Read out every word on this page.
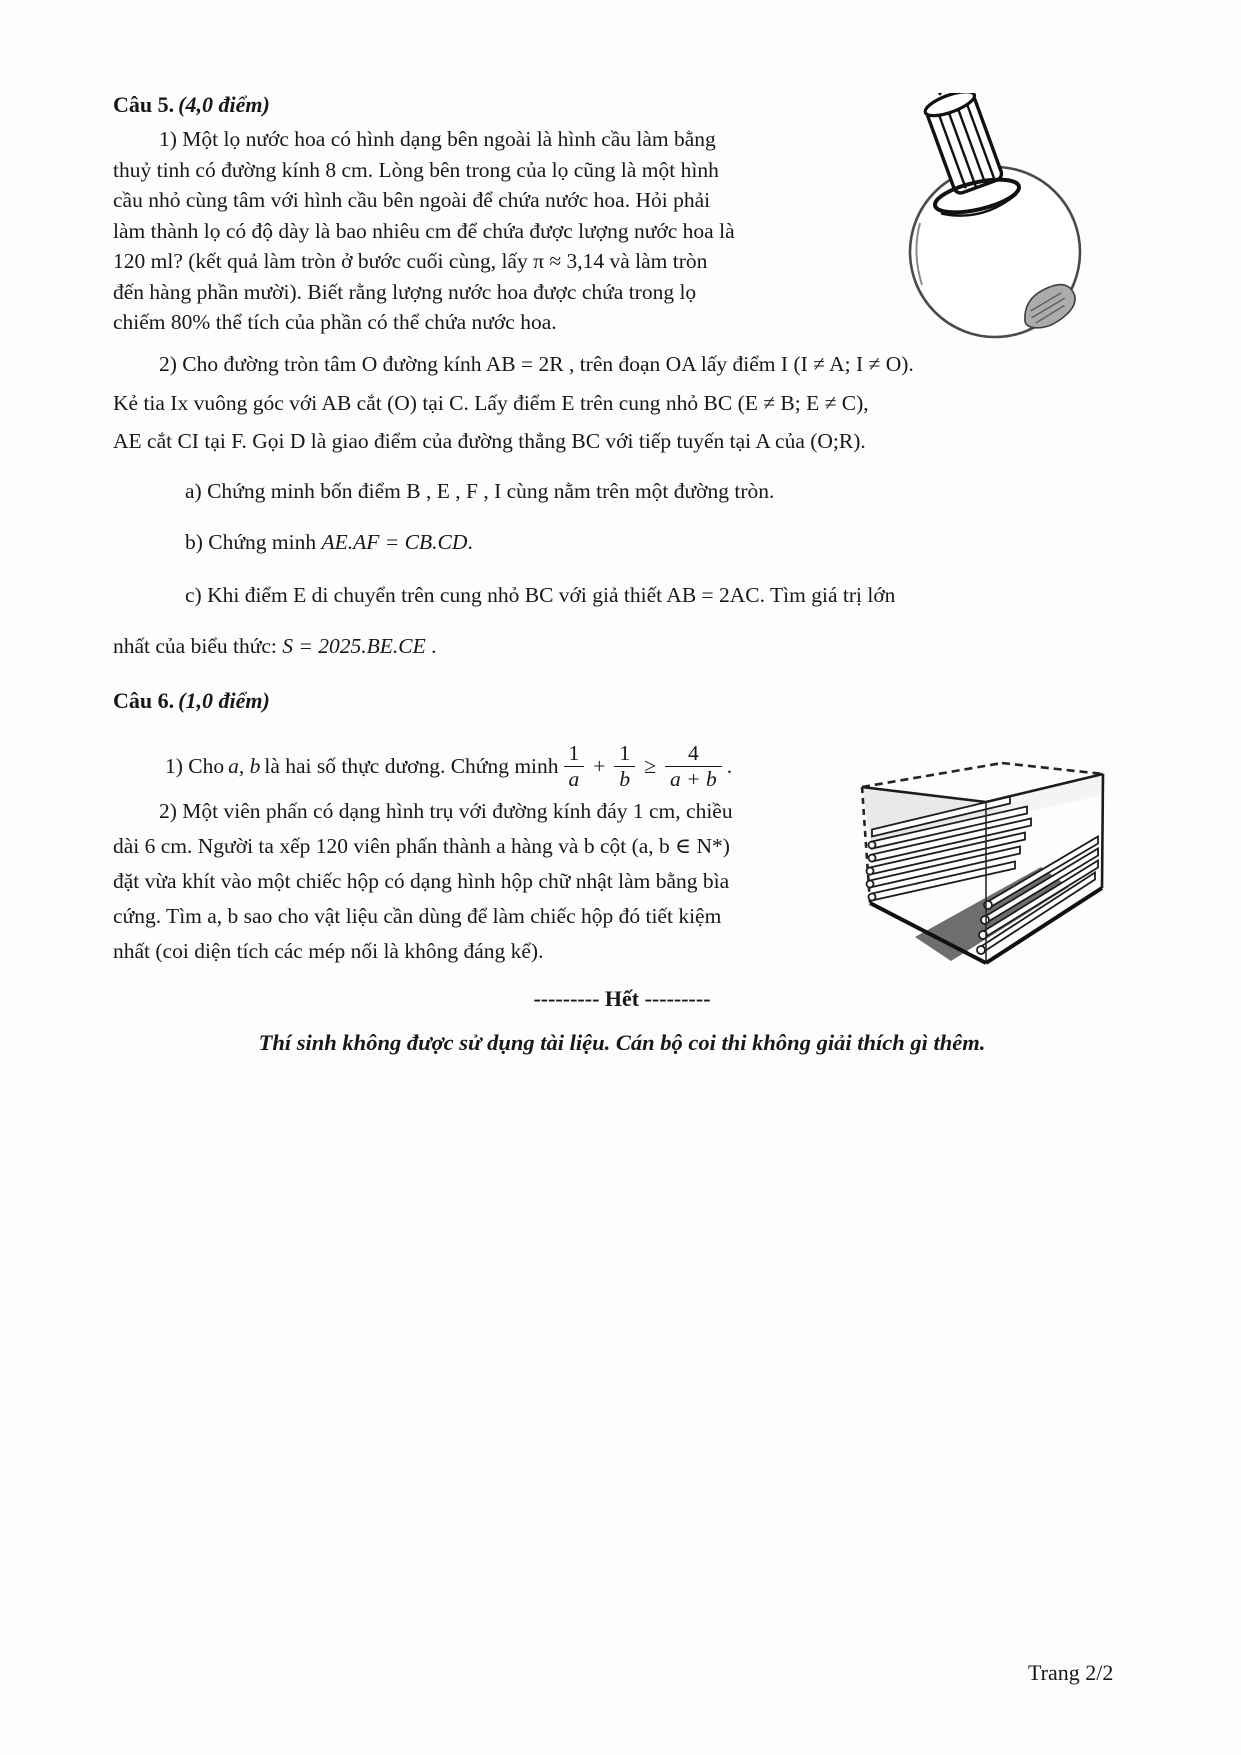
Câu 5. (4,0 điểm)
1) Một lọ nước hoa có hình dạng bên ngoài là hình cầu làm bằng
thuỷ tinh có đường kính 8 cm. Lòng bên trong của lọ cũng là một hình
cầu nhỏ cùng tâm với hình cầu bên ngoài để chứa nước hoa. Hỏi phải
làm thành lọ có độ dày là bao nhiêu cm để chứa được lượng nước hoa là
120 ml? (kết quả làm tròn ở bước cuối cùng, lấy π ≈ 3,14 và làm tròn
đến hàng phần mười). Biết rằng lượng nước hoa được chứa trong lọ
chiếm 80% thể tích của phần có thể chứa nước hoa.
2) Cho đường tròn tâm O đường kính AB = 2R , trên đoạn OA lấy điểm I (I ≠ A; I ≠ O).
Kẻ tia Ix vuông góc với AB cắt (O) tại C. Lấy điểm E trên cung nhỏ BC (E ≠ B; E ≠ C),
AE cắt CI tại F. Gọi D là giao điểm của đường thẳng BC với tiếp tuyến tại A của (O;R).
a) Chứng minh bốn điểm B , E , F , I cùng nằm trên một đường tròn.
b) Chứng minh AE.AF = CB.CD.
c) Khi điểm E di chuyển trên cung nhỏ BC với giả thiết AB = 2AC. Tìm giá trị lớn
nhất của biểu thức: S = 2025.BE.CE .
Câu 6. (1,0 điểm)
1) Cho a, b là hai số thực dương. Chứng minh $\frac{1}{a} + \frac{1}{b} \ge \frac{4}{a + b}$ .
2) Một viên phấn có dạng hình trụ với đường kính đáy 1 cm, chiều
dài 6 cm. Người ta xếp 120 viên phấn thành a hàng và b cột (a, b ∈ N*)
đặt vừa khít vào một chiếc hộp có dạng hình hộp chữ nhật làm bằng bìa
cứng. Tìm a, b sao cho vật liệu cần dùng để làm chiếc hộp đó tiết kiệm
nhất (coi diện tích các mép nối là không đáng kể).
--------- Hết ---------
Thí sinh không được sử dụng tài liệu. Cán bộ coi thi không giải thích gì thêm.
Trang 2/2
